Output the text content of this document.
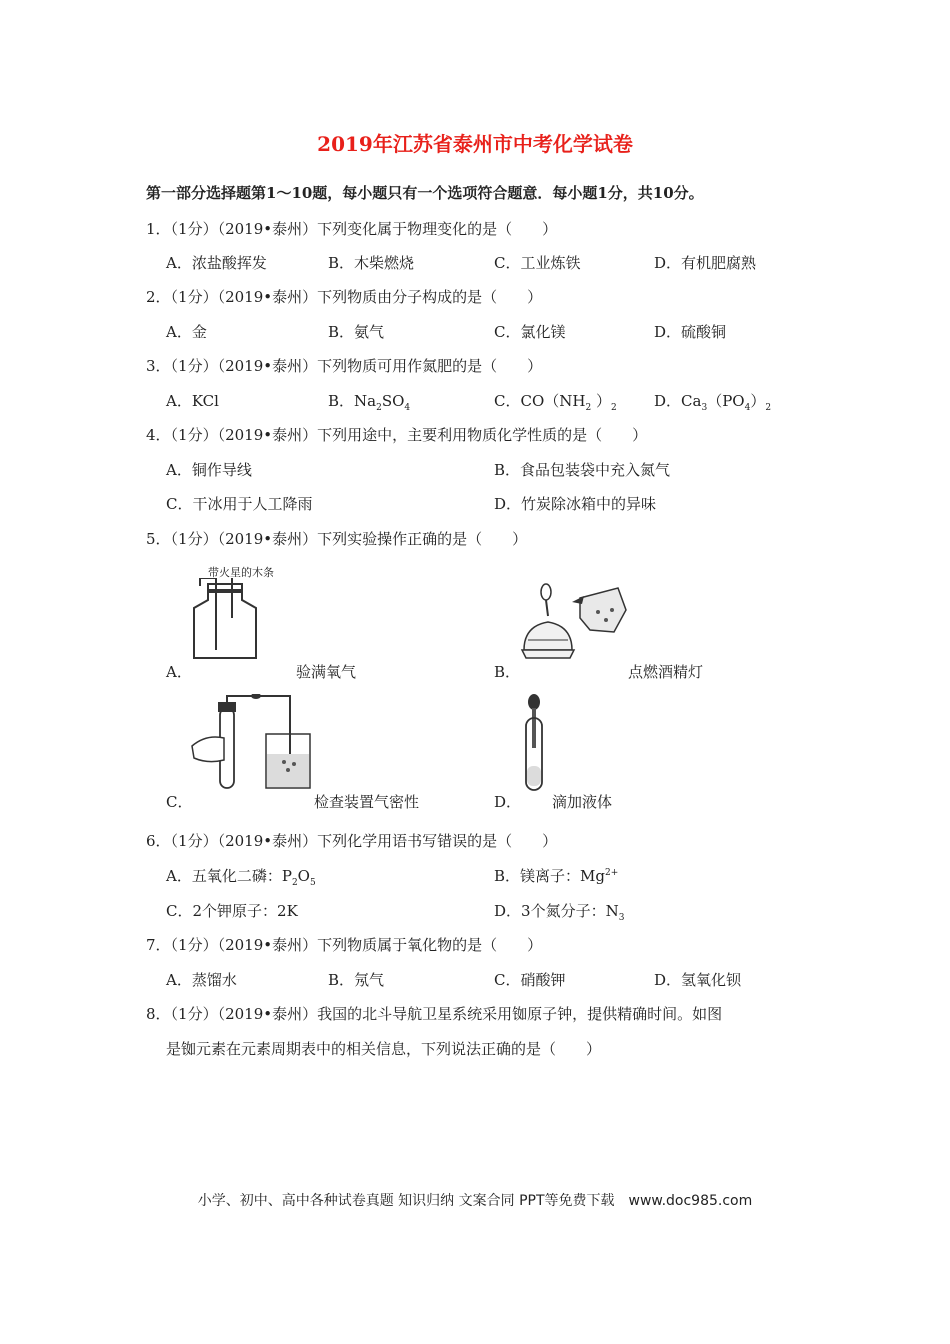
2019年江苏省泰州市中考化学试卷
第一部分选择题第1～10题，每小题只有一个选项符合题意．每小题1分，共10分。
1．（1分）（2019•泰州）下列变化属于物理变化的是（　　）
A．浓盐酸挥发	B．木柴燃烧	C．工业炼铁	D．有机肥腐熟
2．（1分）（2019•泰州）下列物质由分子构成的是（　　）
A．金	B．氨气	C．氯化镁	D．硫酸铜
3．（1分）（2019•泰州）下列物质可用作氮肥的是（　　）
A．KCl	B．$Na_2SO_4$	C．$CO(NH_2$ ）$_2$ D．$Ca_3(PO_4)_2$
4．（1分）（2019•泰州）下列用途中，主要利用物质化学性质的是（　　）
A．铜作导线	B．食品包装袋中充入氮气
C．干冰用于人工降雨	D．竹炭除冰箱中的异味
5．（1分）（2019•泰州）下列实验操作正确的是（　　）
带火星的木条
A．	验满氧气	B．	点燃酒精灯
C．	检查装置气密性	D． 滴加液体
6．（1分）（2019•泰州）下列化学用语书写错误的是（　　）
A．五氧化二磷：$P_2O_5$	B．镁离子：$Mg^{2+}$
C．2个钾原子：2K	D．3个氮分子：$N_3$
7．（1分）（2019•泰州）下列物质属于氧化物的是（　　）
A．蒸馏水	B．氖气	C．硝酸钾	D．氢氧化钡
8．（1分）（2019•泰州）我国的北斗导航卫星系统采用铷原子钟，提供精确时间。如图
是铷元素在元素周期表中的相关信息，下列说法正确的是（　　）
小学、初中、高中各种试卷真题 知识归纳 文案合同 PPT等免费下载　www.doc985.com
